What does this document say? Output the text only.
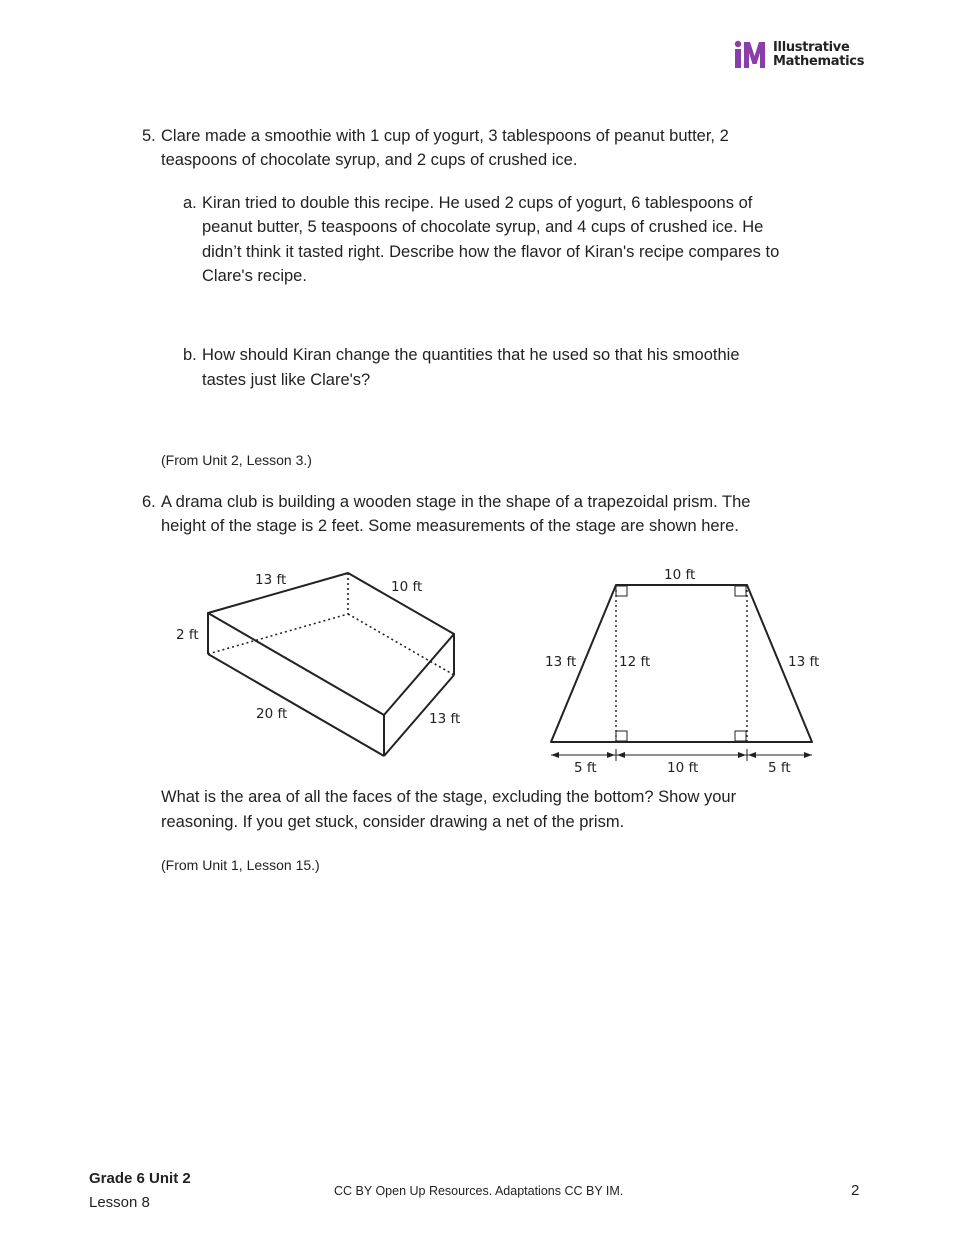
Illustrative
Mathematics
5. Clare made a smoothie with 1 cup of yogurt, 3 tablespoons of peanut butter, 2
teaspoons of chocolate syrup, and 2 cups of crushed ice.
a. Kiran tried to double this recipe. He used 2 cups of yogurt, 6 tablespoons of
peanut butter, 5 teaspoons of chocolate syrup, and 4 cups of crushed ice. He
didn’t think it tasted right. Describe how the flavor of Kiran's recipe compares to
Clare's recipe.
b. How should Kiran change the quantities that he used so that his smoothie
tastes just like Clare's?
(From Unit 2, Lesson 3.)
6. A drama club is building a wooden stage in the shape of a trapezoidal prism. The
height of the stage is 2 feet. Some measurements of the stage are shown here.
13 ft	10 ft
2 ft
20 ft	13 ft
10 ft
13 ft	12 ft	13 ft
5 ft	10 ft	5 ft
What is the area of all the faces of the stage, excluding the bottom? Show your
reasoning. If you get stuck, consider drawing a net of the prism.
(From Unit 1, Lesson 15.)
Grade 6 Unit 2
Lesson 8
CC BY Open Up Resources. Adaptations CC BY IM.	2
